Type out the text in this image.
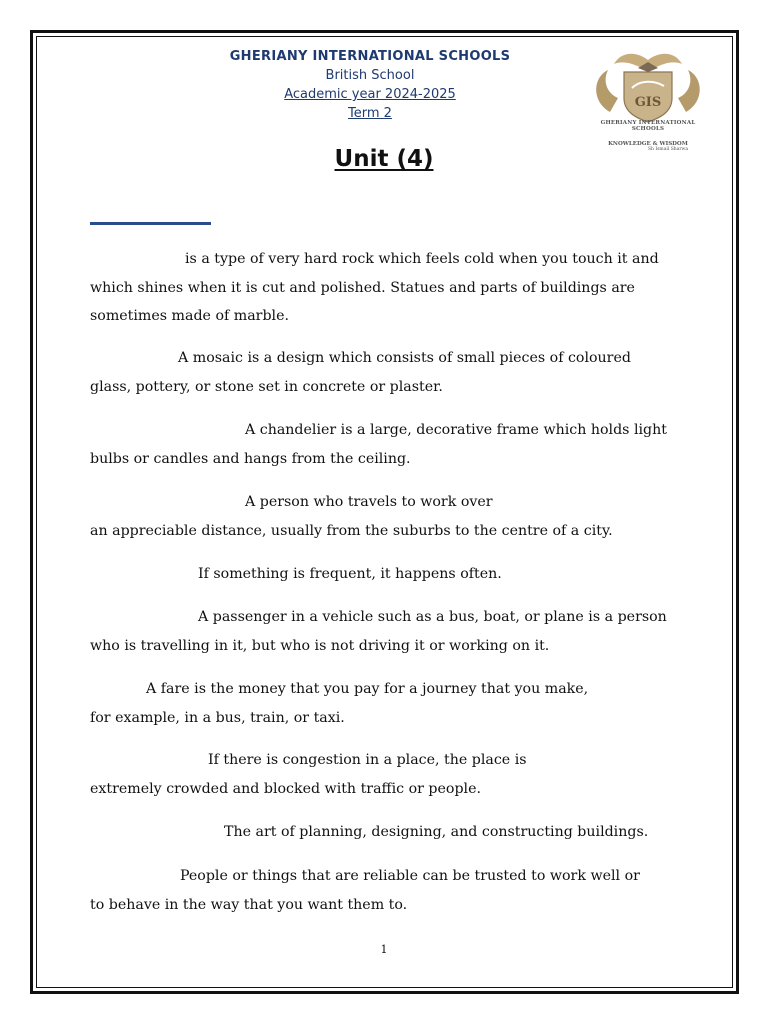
GHERIANY INTERNATIONAL SCHOOLS
British School
Academic year 2024-2025
Term 2
GIS
GHERIANY INTERNATIONAL SCHOOLS
KNOWLEDGE & WISDOM
Sh Ismail Sharwa
Unit (4)

is a type of very hard rock which feels cold when you touch it and
which shines when it is cut and polished. Statues and parts of buildings are sometimes made of marble.

A mosaic is a design which consists of small pieces of coloured
glass, pottery, or stone set in concrete or plaster.

A chandelier is a large, decorative frame which holds light
bulbs or candles and hangs from the ceiling.

A person who travels to work over
an appreciable distance, usually from the suburbs to the centre of a city.

If something is frequent, it happens often.

A passenger in a vehicle such as a bus, boat, or plane is a person
who is travelling in it, but who is not driving it or working on it.

A fare is the money that you pay for a journey that you make,
for example, in a bus, train, or taxi.

If there is congestion in a place, the place is
extremely crowded and blocked with traffic or people.

The art of planning, designing, and constructing buildings.

People or things that are reliable can be trusted to work well or
to behave in the way that you want them to.

1
